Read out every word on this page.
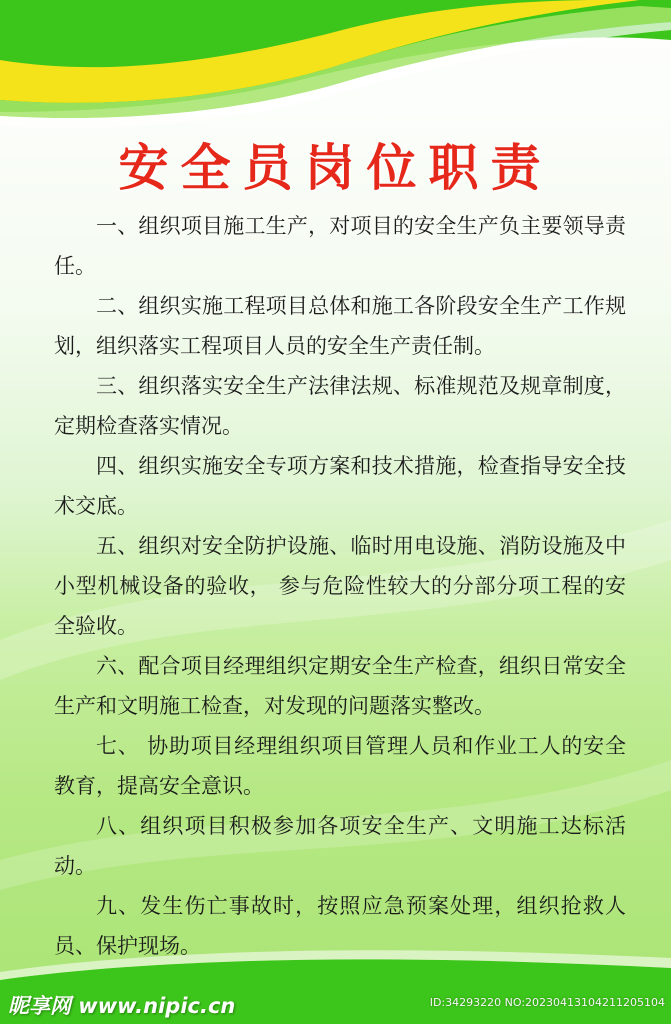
安全员岗位职责

一、组织项目施工生产，对项目的安全生产负主要领导责任。

二、组织实施工程项目总体和施工各阶段安全生产工作规划，组织落实工程项目人员的安全生产责任制。

三、组织落实安全生产法律法规、标准规范及规章制度，定期检查落实情况。

四、组织实施安全专项方案和技术措施，检查指导安全技术交底。

五、组织对安全防护设施、临时用电设施、消防设施及中小型机械设备的验收， 参与危险性较大的分部分项工程的安全验收。

六、配合项目经理组织定期安全生产检查，组织日常安全生产和文明施工检查，对发现的问题落实整改。

七、 协助项目经理组织项目管理人员和作业工人的安全教育，提高安全意识。

八、组织项目积极参加各项安全生产、文明施工达标活动。

九、发生伤亡事故时，按照应急预案处理，组织抢救人员、保护现场。

昵享网 www.nipic.cn	ID:34293220 NO:20230413104211205104
